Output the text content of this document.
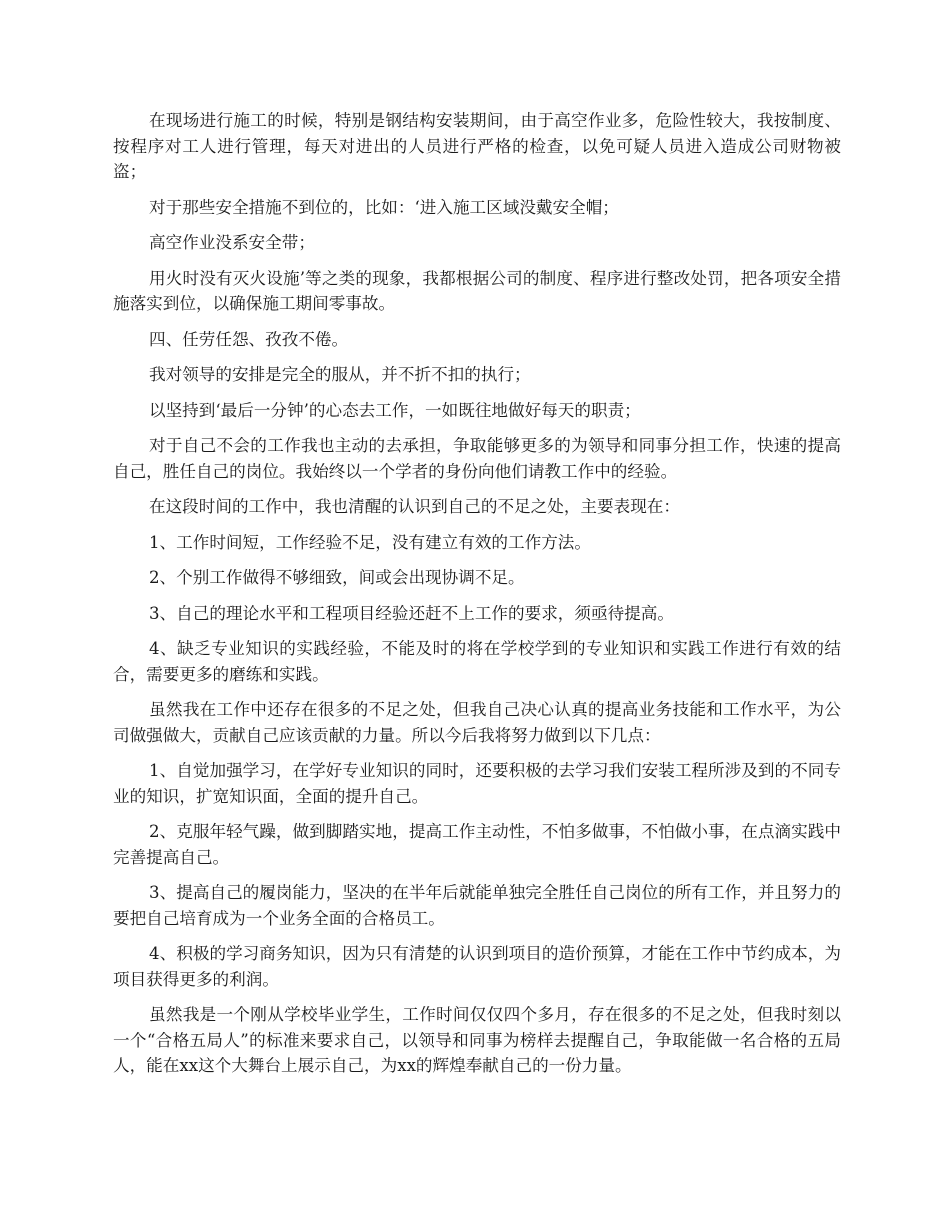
在现场进行施工的时候，特别是钢结构安装期间，由于高空作业多，危险性较大，我按制度、按程序对工人进行管理，每天对进出的人员进行严格的检查，以免可疑人员进入造成公司财物被盗；

对于那些安全措施不到位的，比如：‘进入施工区域没戴安全帽；

高空作业没系安全带；

用火时没有灭火设施’等之类的现象，我都根据公司的制度、程序进行整改处罚，把各项安全措施落实到位，以确保施工期间零事故。

四、任劳任怨、孜孜不倦。

我对领导的安排是完全的服从，并不折不扣的执行；

以坚持到‘最后一分钟’的心态去工作，一如既往地做好每天的职责；

对于自己不会的工作我也主动的去承担，争取能够更多的为领导和同事分担工作，快速的提高自己，胜任自己的岗位。我始终以一个学者的身份向他们请教工作中的经验。

在这段时间的工作中，我也清醒的认识到自己的不足之处，主要表现在：

1、工作时间短，工作经验不足，没有建立有效的工作方法。

2、个别工作做得不够细致，间或会出现协调不足。

3、自己的理论水平和工程项目经验还赶不上工作的要求，须亟待提高。

4、缺乏专业知识的实践经验，不能及时的将在学校学到的专业知识和实践工作进行有效的结合，需要更多的磨练和实践。

虽然我在工作中还存在很多的不足之处，但我自己决心认真的提高业务技能和工作水平，为公司做强做大，贡献自己应该贡献的力量。所以今后我将努力做到以下几点：

1、自觉加强学习，在学好专业知识的同时，还要积极的去学习我们安装工程所涉及到的不同专业的知识，扩宽知识面，全面的提升自己。

2、克服年轻气躁，做到脚踏实地，提高工作主动性，不怕多做事，不怕做小事，在点滴实践中完善提高自己。

3、提高自己的履岗能力，坚决的在半年后就能单独完全胜任自己岗位的所有工作，并且努力的要把自己培育成为一个业务全面的合格员工。

4、积极的学习商务知识，因为只有清楚的认识到项目的造价预算，才能在工作中节约成本，为项目获得更多的利润。

虽然我是一个刚从学校毕业学生，工作时间仅仅四个多月，存在很多的不足之处，但我时刻以一个“合格五局人”的标准来要求自己，以领导和同事为榜样去提醒自己，争取能做一名合格的五局人，能在xx这个大舞台上展示自己，为xx的辉煌奉献自己的一份力量。
